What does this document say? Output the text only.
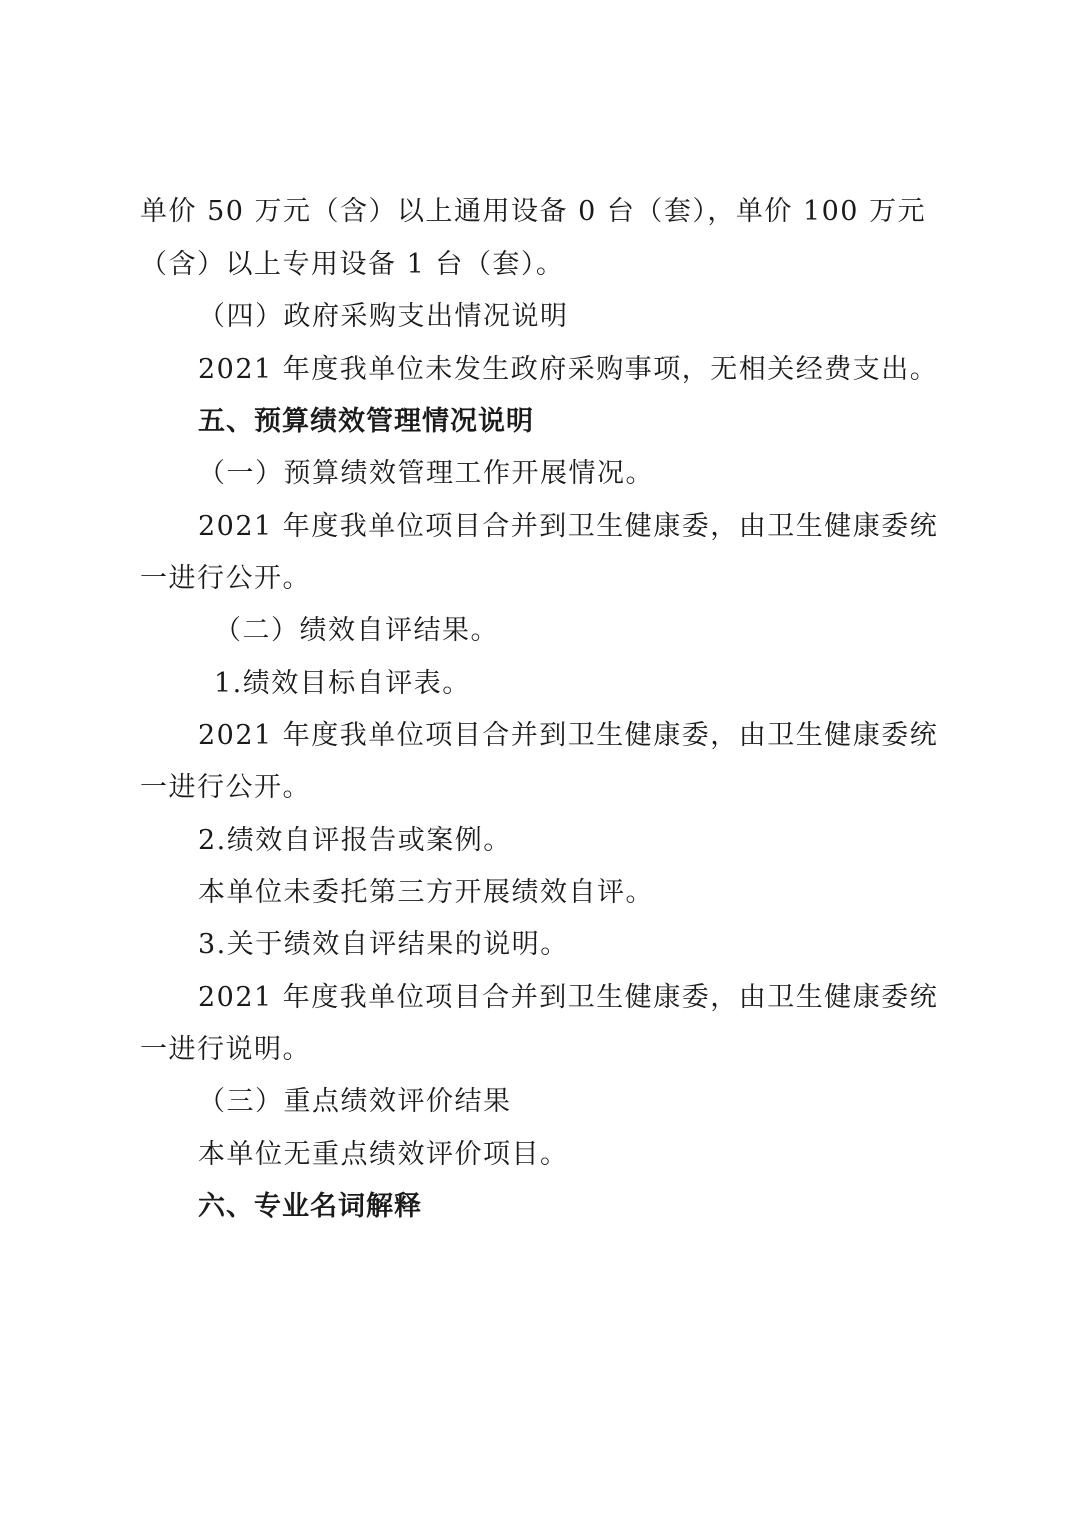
单价 50 万元（含）以上通用设备 0 台（套），单价 100 万元
（含）以上专用设备 1 台（套）。
（四）政府采购支出情况说明
2021 年度我单位未发生政府采购事项，无相关经费支出。
五、预算绩效管理情况说明
（一）预算绩效管理工作开展情况。
2021 年度我单位项目合并到卫生健康委，由卫生健康委统
一进行公开。
（二）绩效自评结果。
1.绩效目标自评表。
2021 年度我单位项目合并到卫生健康委，由卫生健康委统
一进行公开。
2.绩效自评报告或案例。
本单位未委托第三方开展绩效自评。
3.关于绩效自评结果的说明。
2021 年度我单位项目合并到卫生健康委，由卫生健康委统
一进行说明。
（三）重点绩效评价结果
本单位无重点绩效评价项目。
六、专业名词解释
